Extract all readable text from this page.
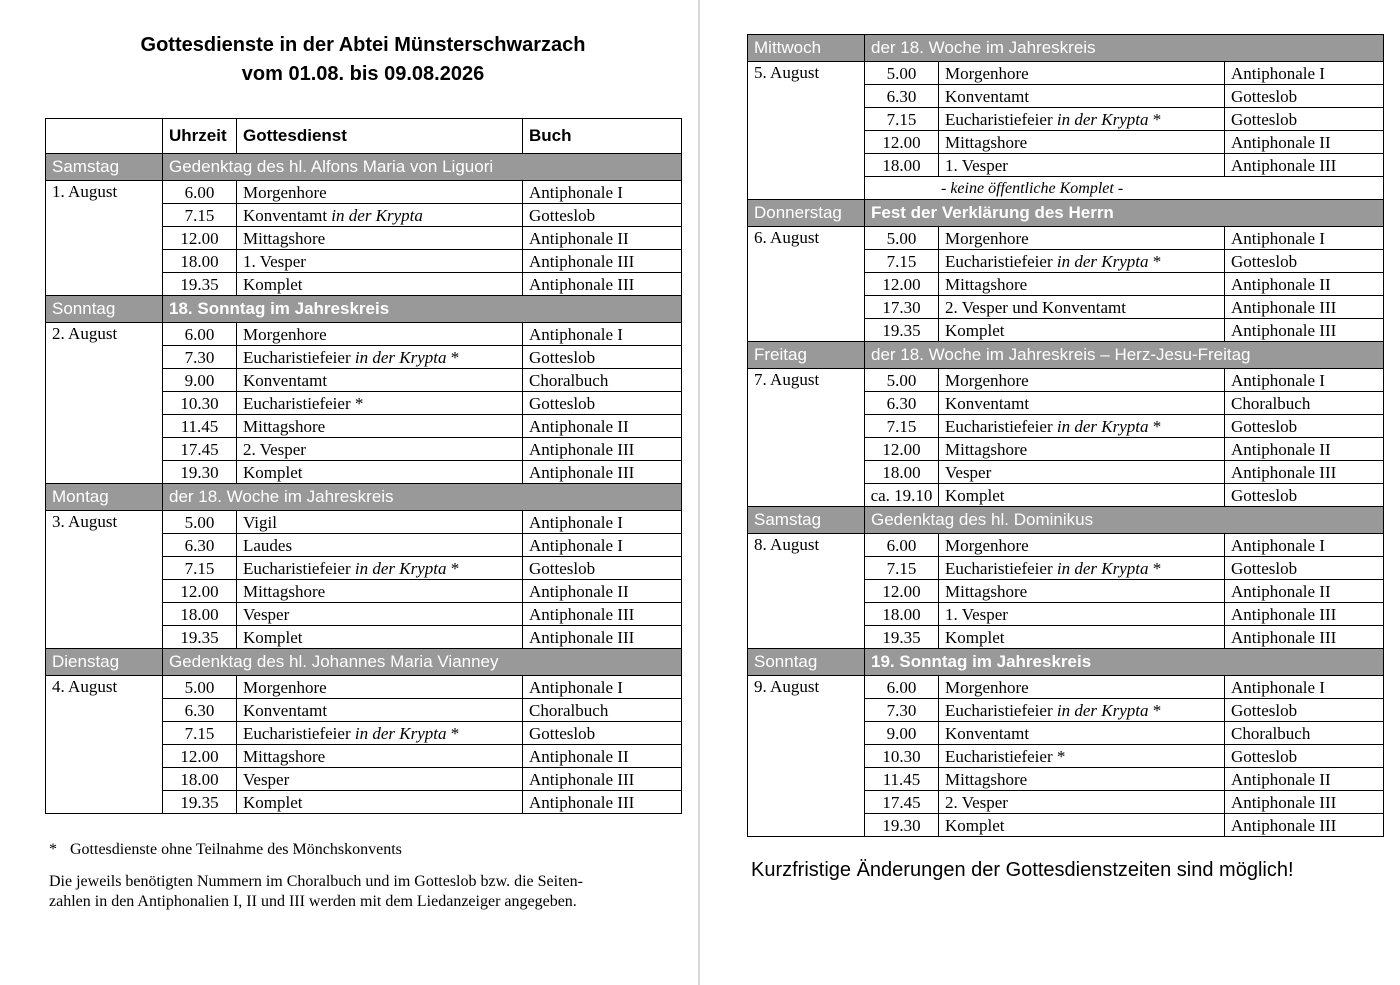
Gottesdienste in der Abtei Münsterschwarzach
vom 01.08. bis 09.08.2026
	Uhrzeit	Gottesdienst	Buch
Samstag	Gedenktag des hl. Alfons Maria von Liguori		
1. August	6.00	Morgenhore	Antiphonale I
	7.15	Konventamt in der Krypta	Gotteslob
	12.00	Mittagshore	Antiphonale II
	18.00	1. Vesper	Antiphonale III
	19.35	Komplet	Antiphonale III
Sonntag	18. Sonntag im Jahreskreis		
2. August	6.00	Morgenhore	Antiphonale I
	7.30	Eucharistiefeier in der Krypta *	Gotteslob
	9.00	Konventamt	Choralbuch
	10.30	Eucharistiefeier *	Gotteslob
	11.45	Mittagshore	Antiphonale II
	17.45	2. Vesper	Antiphonale III
	19.30	Komplet	Antiphonale III
Montag	der 18. Woche im Jahreskreis		
3. August	5.00	Vigil	Antiphonale I
	6.30	Laudes	Antiphonale I
	7.15	Eucharistiefeier in der Krypta *	Gotteslob
	12.00	Mittagshore	Antiphonale II
	18.00	Vesper	Antiphonale III
	19.35	Komplet	Antiphonale III
Dienstag	Gedenktag des hl. Johannes Maria Vianney		
4. August	5.00	Morgenhore	Antiphonale I
	6.30	Konventamt	Choralbuch
	7.15	Eucharistiefeier in der Krypta *	Gotteslob
	12.00	Mittagshore	Antiphonale II
	18.00	Vesper	Antiphonale III
	19.35	Komplet	Antiphonale III
* Gottesdienste ohne Teilnahme des Mönchskonvents
Die jeweils benötigten Nummern im Choralbuch und im Gotteslob bzw. die Seiten-
zahlen in den Antiphonalien I, II und III werden mit dem Liedanzeiger angegeben.
Mittwoch	der 18. Woche im Jahreskreis		
5. August	5.00	Morgenhore	Antiphonale I
	6.30	Konventamt	Gotteslob
	7.15	Eucharistiefeier in der Krypta *	Gotteslob
	12.00	Mittagshore	Antiphonale II
	18.00	1. Vesper	Antiphonale III
	- keine öffentliche Komplet -		
Donnerstag	Fest der Verklärung des Herrn		
6. August	5.00	Morgenhore	Antiphonale I
	7.15	Eucharistiefeier in der Krypta *	Gotteslob
	12.00	Mittagshore	Antiphonale II
	17.30	2. Vesper und Konventamt	Antiphonale III
	19.35	Komplet	Antiphonale III
Freitag	der 18. Woche im Jahreskreis – Herz-Jesu-Freitag		
7. August	5.00	Morgenhore	Antiphonale I
	6.30	Konventamt	Choralbuch
	7.15	Eucharistiefeier in der Krypta *	Gotteslob
	12.00	Mittagshore	Antiphonale II
	18.00	Vesper	Antiphonale III
	ca. 19.10	Komplet	Gotteslob
Samstag	Gedenktag des hl. Dominikus		
8. August	6.00	Morgenhore	Antiphonale I
	7.15	Eucharistiefeier in der Krypta *	Gotteslob
	12.00	Mittagshore	Antiphonale II
	18.00	1. Vesper	Antiphonale III
	19.35	Komplet	Antiphonale III
Sonntag	19. Sonntag im Jahreskreis		
9. August	6.00	Morgenhore	Antiphonale I
	7.30	Eucharistiefeier in der Krypta *	Gotteslob
	9.00	Konventamt	Choralbuch
	10.30	Eucharistiefeier *	Gotteslob
	11.45	Mittagshore	Antiphonale II
	17.45	2. Vesper	Antiphonale III
	19.30	Komplet	Antiphonale III
Kurzfristige Änderungen der Gottesdienstzeiten sind möglich!
